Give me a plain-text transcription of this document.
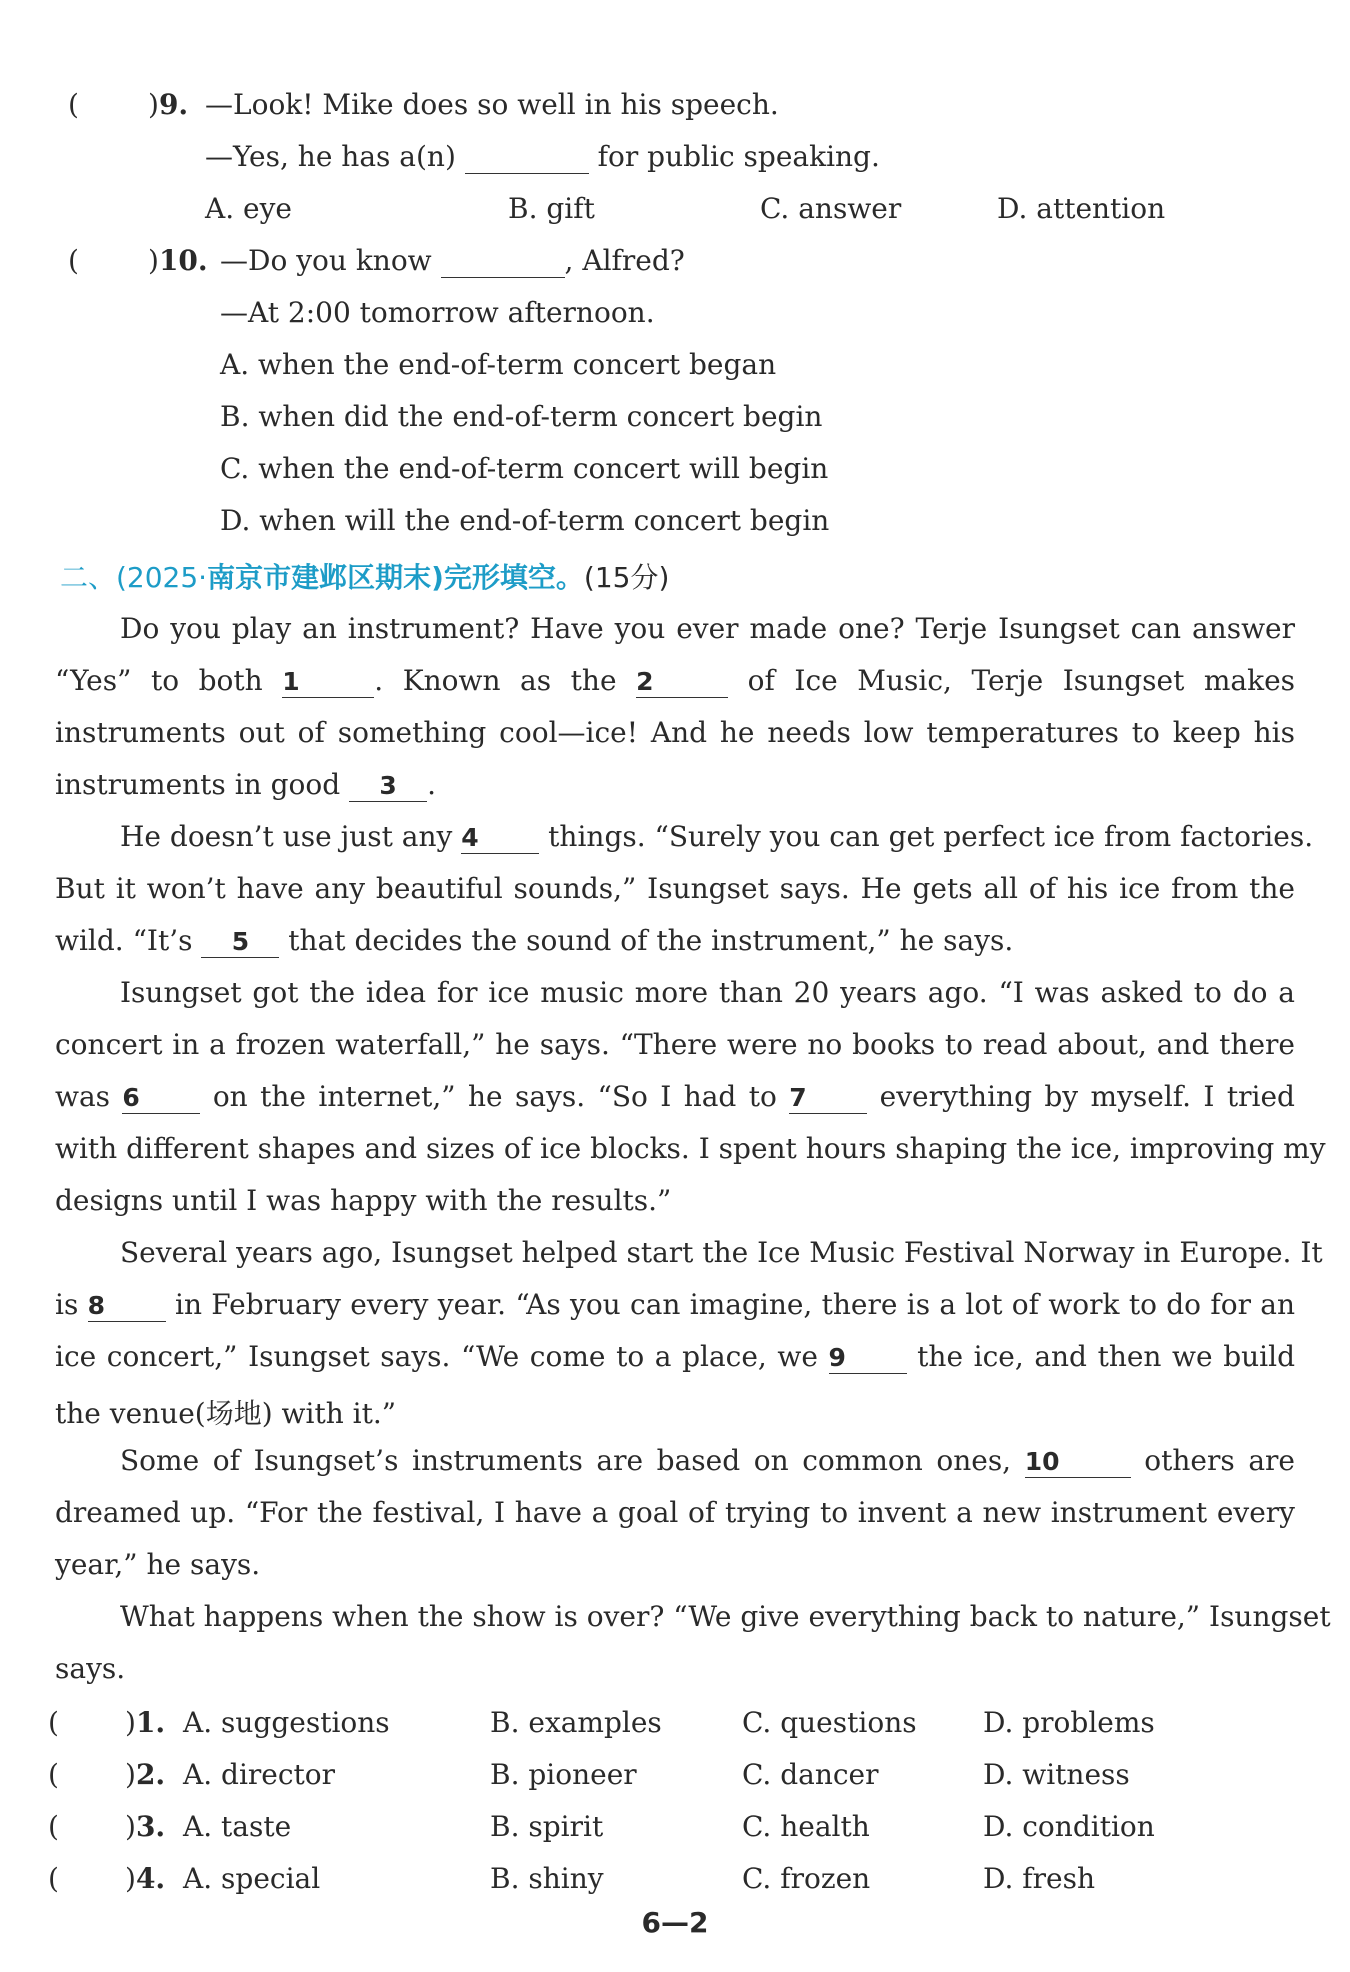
( )9. —Look! Mike does so well in his speech.
—Yes, he has a(n)	for public speaking.
A. eye	B. gift	C. answer	D. attention
( )10. —Do you know	, Alfred?
—At 2:00 tomorrow afternoon.
A. when the end-of-term concert began
B. when did the end-of-term concert begin
C. when the end-of-term concert will begin
D. when will the end-of-term concert begin
二、(2025·南京市建邺区期末)完形填空。(15分)
Do you play an instrument? Have you ever made one? Terje Isungset can answer
“Yes” to both 1	. Known as the 2	of Ice Music, Terje Isungset makes
instruments out of something cool—ice! And he needs low temperatures to keep his
instruments in good 3 .
He doesn’t use just any 4 things. “Surely you can get perfect ice from factories.
But it won’t have any beautiful sounds,” Isungset says. He gets all of his ice from the
wild. “It’s 5 that decides the sound of the instrument,” he says.
Isungset got the idea for ice music more than 20 years ago. “I was asked to do a
concert in a frozen waterfall,” he says. “There were no books to read about, and there
was 6	on the internet,” he says. “So I had to 7	everything by myself. I tried
with different shapes and sizes of ice blocks. I spent hours shaping the ice, improving my
designs until I was happy with the results.”
Several years ago, Isungset helped start the Ice Music Festival Norway in Europe. It
is 8 in February every year. “As you can imagine, there is a lot of work to do for an
ice concert,” Isungset says. “We come to a place, we 9	the ice, and then we build
the venue(场地) with it.”
Some of Isungset’s instruments are based on common ones, 10	others are
dreamed up. “For the festival, I have a goal of trying to invent a new instrument every
year,” he says.
What happens when the show is over? “We give everything back to nature,” Isungset
says.
( )1. A. suggestions	B. examples	C. questions D. problems
( )2. A. director	B. pioneer	C. dancer	D. witness
( )3. A. taste	B. spirit	C. health	D. condition
( )4. A. special	B. shiny	C. frozen	D. fresh
6—2
